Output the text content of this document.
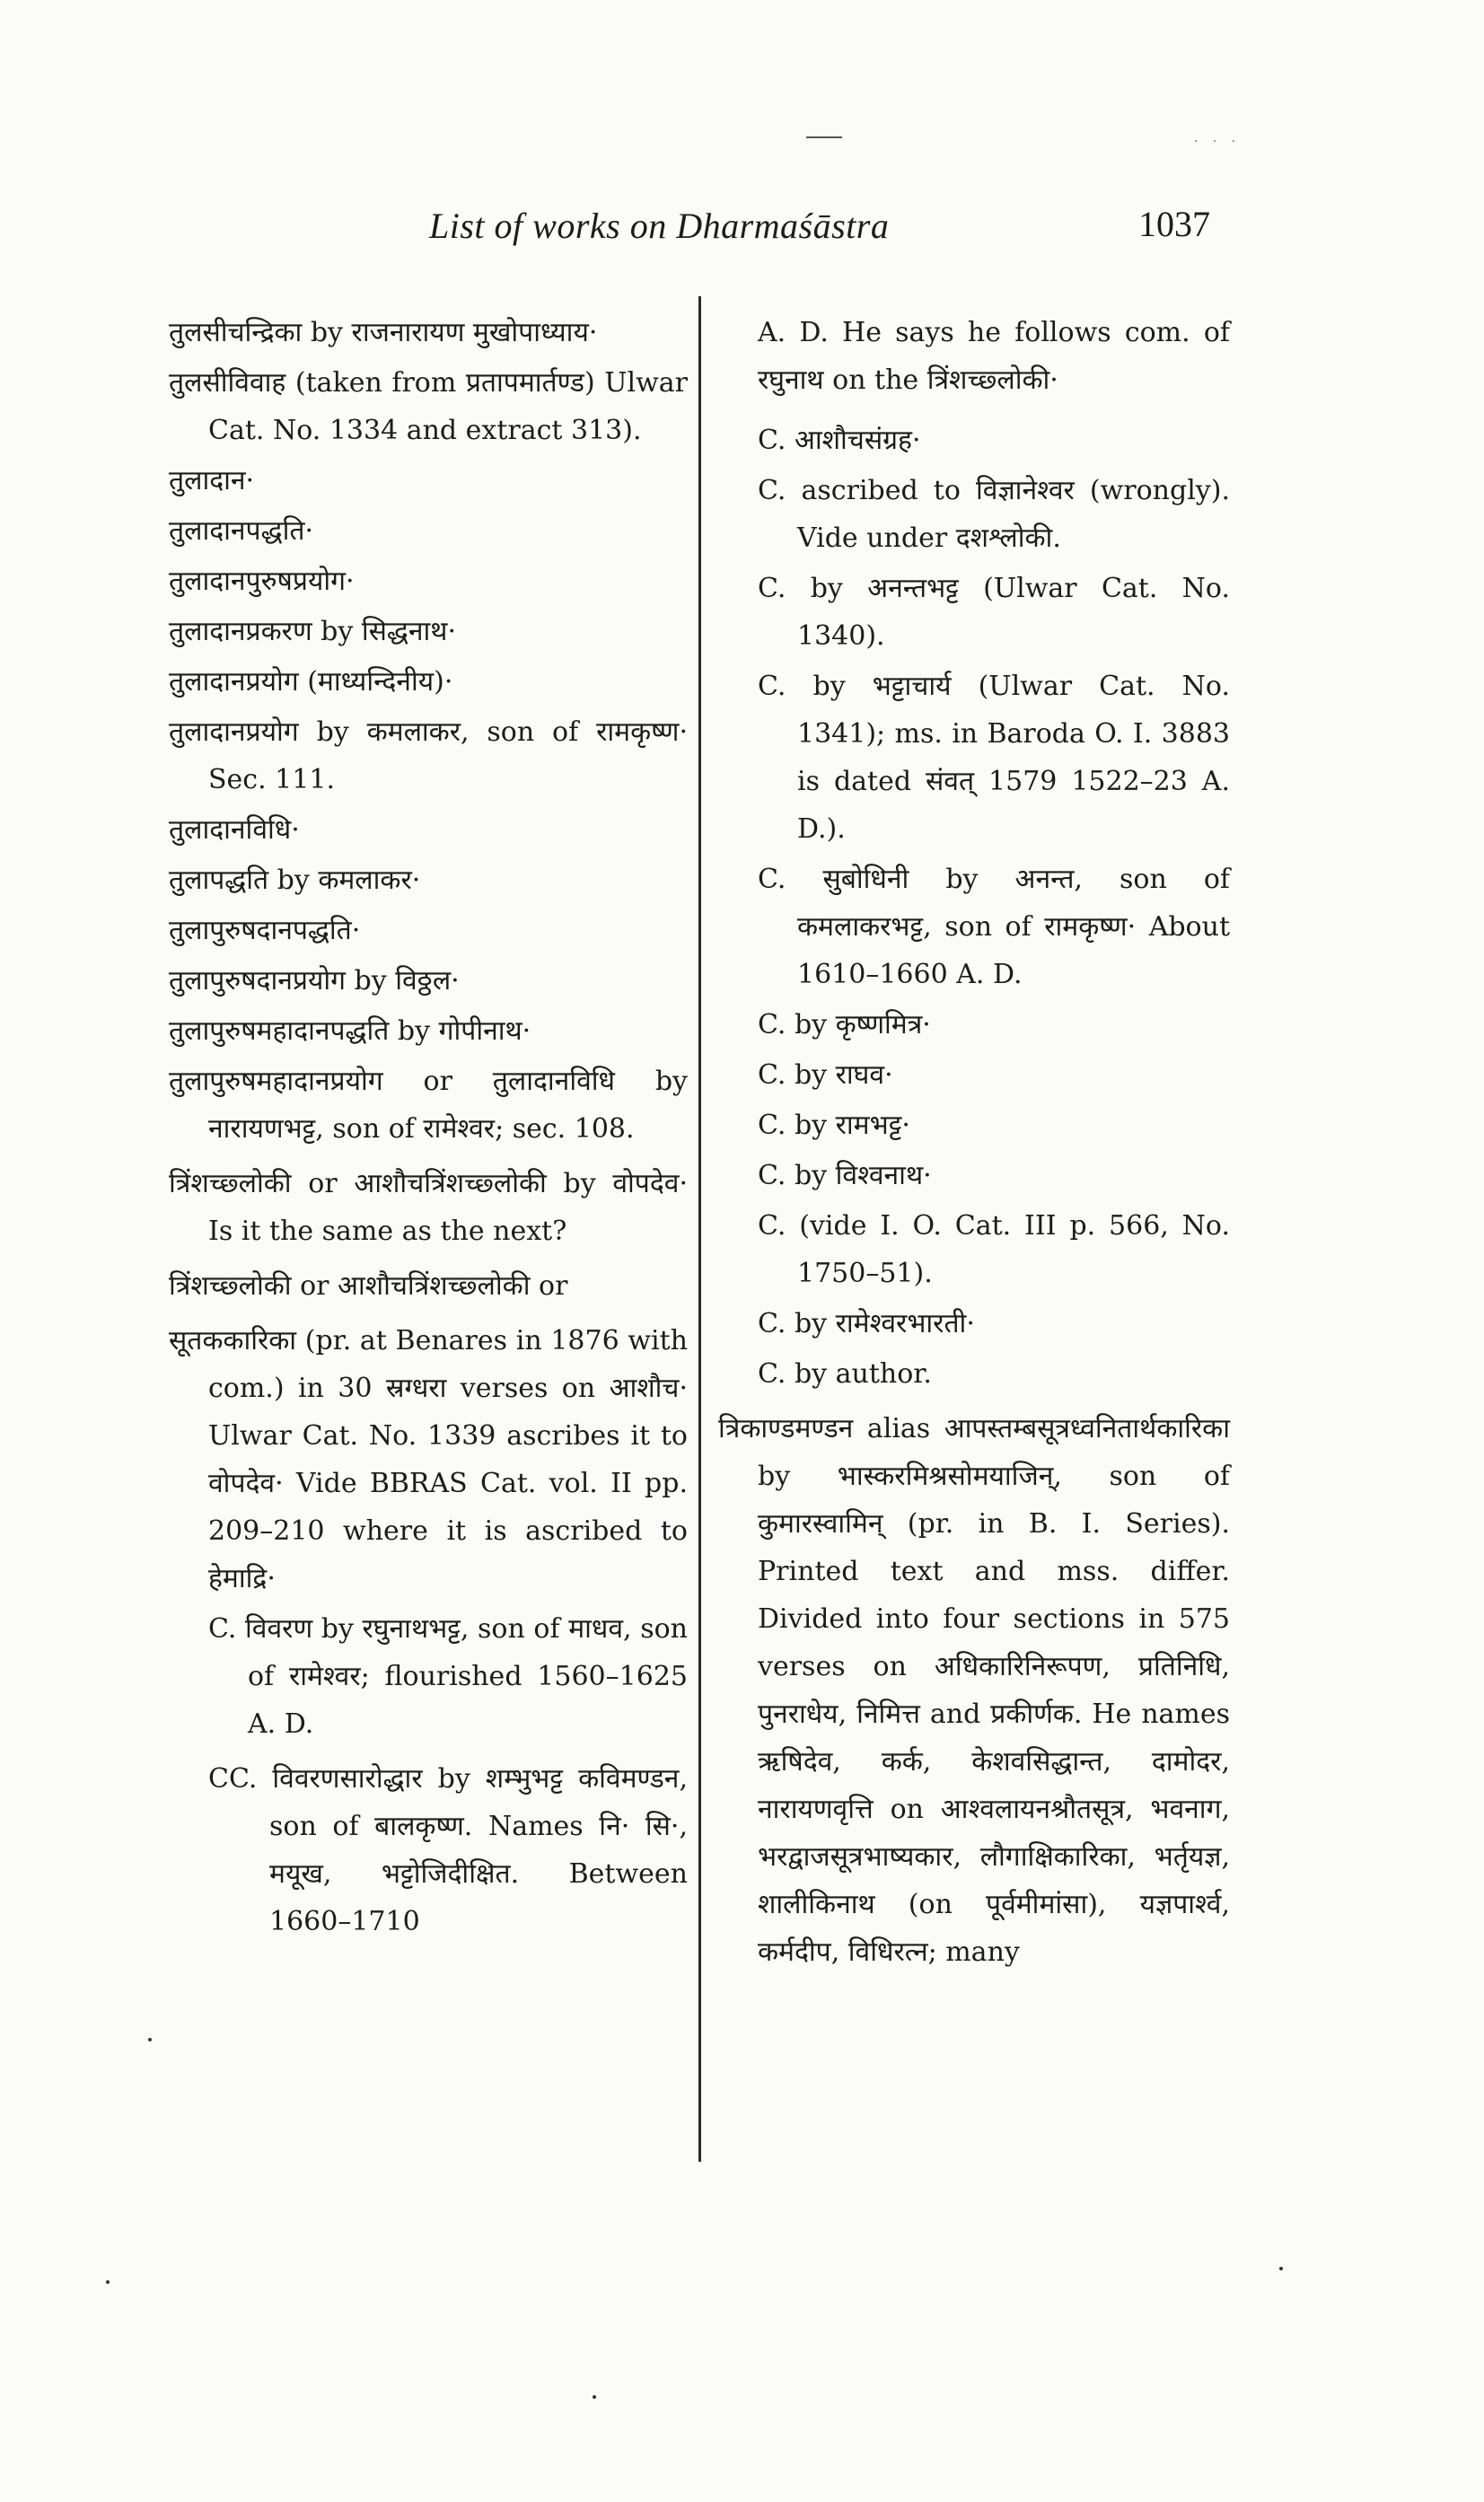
· · ·
List of works on Dharmaśāstra	1037

तुलसीचन्द्रिका by राजनारायण मुखोपाध्याय·

तुलसीविवाह (taken from प्रतापमार्तण्ड) Ulwar Cat. No. 1334 and extract 313).

तुलादान·

तुलादानपद्धति·

तुलादानपुरुषप्रयोग·

तुलादानप्रकरण by सिद्धनाथ·

तुलादानप्रयोग (माध्यन्दिनीय)·

तुलादानप्रयोग by कमलाकर, son of रामकृष्ण· Sec. 111.

तुलादानविधि·

तुलापद्धति by कमलाकर·

तुलापुरुषदानपद्धति·

तुलापुरुषदानप्रयोग by विठ्ठल·

तुलापुरुषमहादानपद्धति by गोपीनाथ·

तुलापुरुषमहादानप्रयोग or तुलादानविधि by नारायणभट्ट, son of रामेश्वर; sec. 108.

त्रिंशच्छ्लोकी or आशौचत्रिंशच्छ्लोकी by वोपदेव· Is it the same as the next?

त्रिंशच्छ्लोकी or आशौचत्रिंशच्छ्लोकी or

सूतककारिका (pr. at Benares in 1876 with com.) in 30 स्रग्धरा verses on आशौच· Ulwar Cat. No. 1339 ascribes it to वोपदेव· Vide BBRAS Cat. vol. II pp. 209–210 where it is ascribed to हेमाद्रि·

C. विवरण by रघुनाथभट्ट, son of माधव, son of रामेश्वर; flourished 1560–1625 A. D.

CC. विवरणसारोद्धार by शम्भुभट्ट कविमण्डन, son of बालकृष्ण. Names नि· सि·, मयूख, भट्टोजिदीक्षित. Between 1660–1710

A. D. He says he follows com. of रघुनाथ on the त्रिंशच्छ्लोकी·

C. आशौचसंग्रह·

C. ascribed to विज्ञानेश्वर (wrongly). Vide under दशश्लोकी.

C. by अनन्तभट्ट (Ulwar Cat. No. 1340).

C. by भट्टाचार्य (Ulwar Cat. No. 1341); ms. in Baroda O. I. 3883 is dated संवत् 1579 1522–23 A. D.).

C. सुबोधिनी by अनन्त, son of कमलाकरभट्ट, son of रामकृष्ण· About 1610–1660 A. D.

C. by कृष्णमित्र·

C. by राघव·

C. by रामभट्ट·

C. by विश्वनाथ·

C. (vide I. O. Cat. III p. 566, No. 1750–51).

C. by रामेश्वरभारती·

C. by author.

त्रिकाण्डमण्डन alias आपस्तम्बसूत्रध्वनितार्थकारिका by भास्करमिश्रसोमयाजिन्, son of कुमारस्वामिन् (pr. in B. I. Series). Printed text and mss. differ. Divided into four sections in 575 verses on अधिकारिनिरूपण, प्रतिनिधि, पुनराधेय, निमित्त and प्रकीर्णक. He names ऋषिदेव, कर्क, केशवसिद्धान्त, दामोदर, नारायणवृत्ति on आश्वलायनश्रौतसूत्र, भवनाग, भरद्वाजसूत्रभाष्यकार, लौगाक्षिकारिका, भर्तृयज्ञ, शालीकिनाथ (on पूर्वमीमांसा), यज्ञपार्श्व, कर्मदीप, विधिरत्न; many
